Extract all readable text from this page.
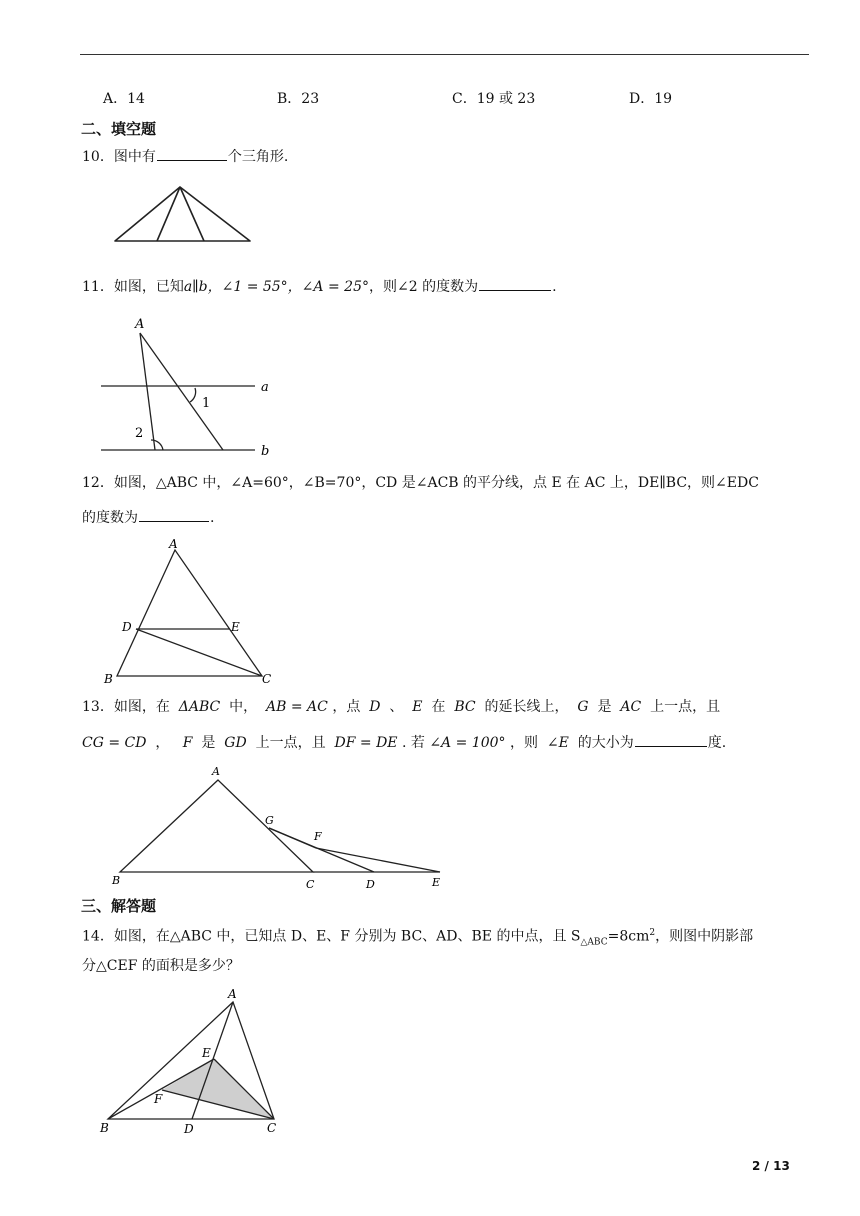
A．14	B．23	C．19 或 23	D．19
二、填空题
10．图中有	个三角形.
11．如图，已知a∥b，∠1 = 55°，∠A = 25°，则∠2 的度数为	.
A
a
b
1
2
12．如图，△ABC 中，∠A=60°，∠B=70°，CD 是∠ACB 的平分线，点 E 在 AC 上，DE∥BC，则∠EDC
的度数为	.
A
B	C
D	E
13．如图，在 ΔABC 中， AB = AC ，点 D 、 E 在 BC 的延长线上， G 是 AC 上一点，且
CG = CD ， F 是 GD 上一点，且 DF = DE . 若 ∠A = 100° ，则 ∠E 的大小为	度.
A
B	C	D	E
F
G
三、解答题
14．如图，在△ABC 中，已知点 D、E、F 分别为 BC、AD、BE 的中点，且 $S_{\triangle ABC}=8cm^2$，则图中阴影部
分△CEF 的面积是多少？
A
B	C
D
E
F
2 / 13
